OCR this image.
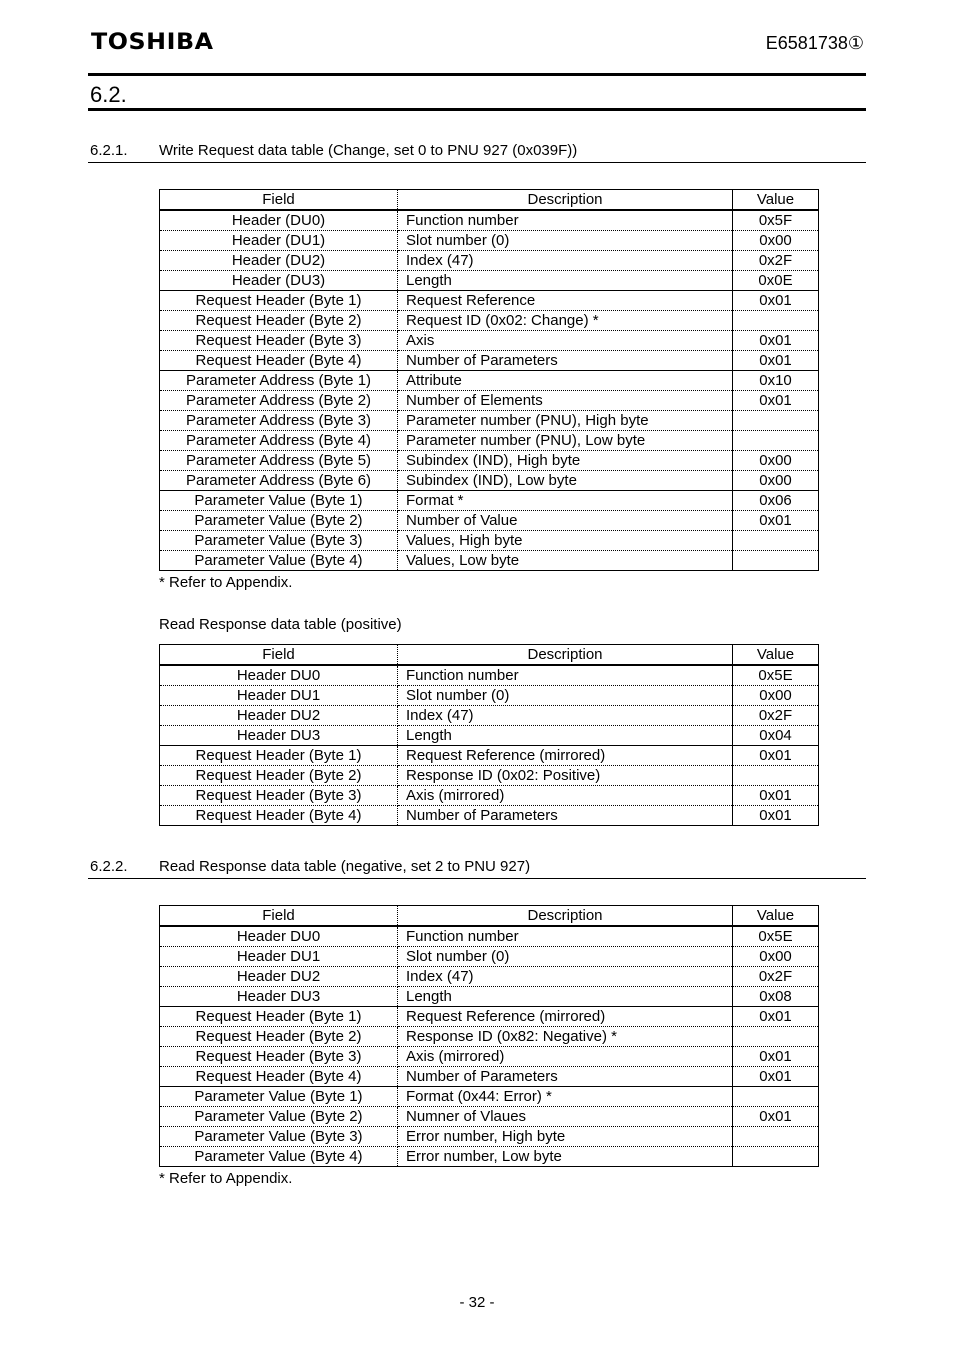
TOSHIBA	E6581738①
6.2.
6.2.1. Write Request data table (Change, set 0 to PNU 927 (0x039F))
Field	Description	Value
Header (DU0)	Function number	0x5F
Header (DU1)	Slot number (0)	0x00
Header (DU2)	Index (47)	0x2F
Header (DU3)	Length	0x0E
Request Header (Byte 1)	Request Reference	0x01
Request Header (Byte 2)	Request ID (0x02: Change) *	
Request Header (Byte 3)	Axis	0x01
Request Header (Byte 4)	Number of Parameters	0x01
Parameter Address (Byte 1)	Attribute	0x10
Parameter Address (Byte 2)	Number of Elements	0x01
Parameter Address (Byte 3)	Parameter number (PNU), High byte	
Parameter Address (Byte 4)	Parameter number (PNU), Low byte	
Parameter Address (Byte 5)	Subindex (IND), High byte	0x00
Parameter Address (Byte 6)	Subindex (IND), Low byte	0x00
Parameter Value (Byte 1)	Format *	0x06
Parameter Value (Byte 2)	Number of Value	0x01
Parameter Value (Byte 3)	Values, High byte	
Parameter Value (Byte 4)	Values, Low byte	
* Refer to Appendix.
Read Response data table (positive)
Field	Description	Value
Header DU0	Function number	0x5E
Header DU1	Slot number (0)	0x00
Header DU2	Index (47)	0x2F
Header DU3	Length	0x04
Request Header (Byte 1)	Request Reference (mirrored)	0x01
Request Header (Byte 2)	Response ID (0x02: Positive)	
Request Header (Byte 3)	Axis (mirrored)	0x01
Request Header (Byte 4)	Number of Parameters	0x01
6.2.2. Read Response data table (negative, set 2 to PNU 927)
Field	Description	Value
Header DU0	Function number	0x5E
Header DU1	Slot number (0)	0x00
Header DU2	Index (47)	0x2F
Header DU3	Length	0x08
Request Header (Byte 1)	Request Reference (mirrored)	0x01
Request Header (Byte 2)	Response ID (0x82: Negative) *	
Request Header (Byte 3)	Axis (mirrored)	0x01
Request Header (Byte 4)	Number of Parameters	0x01
Parameter Value (Byte 1)	Format (0x44: Error) *	
Parameter Value (Byte 2)	Numner of Vlaues	0x01
Parameter Value (Byte 3)	Error number, High byte	
Parameter Value (Byte 4)	Error number, Low byte	
* Refer to Appendix.
- 32 -
